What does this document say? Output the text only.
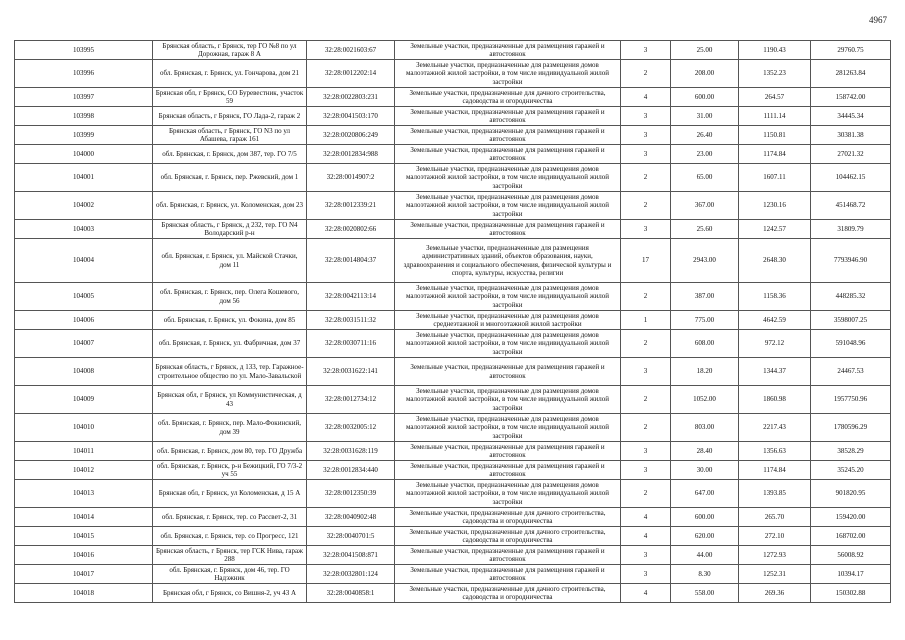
4967
103995	Брянская область, г Брянск, тер ГО №8 по ул Дорожная, гараж 8 А	32:28:0021603:67	Земельные участки, предназначенные для размещения гаражей и автостоянок	3	25.00	1190.43	29760.75
103996	обл. Брянская, г. Брянск, ул. Гончарова, дом 21	32:28:0012202:14	Земельные участки, предназначенные для размещения домов малоэтажной жилой застройки, в том числе индивидуальной жилой застройки	2	208.00	1352.23	281263.84
103997	Брянская обл, г Брянск, СО Буревестник, участок 59	32:28:0022803:231	Земельные участки, предназначенные для дачного строительства, садоводства и огородничества	4	600.00	264.57	158742.00
103998	Брянская область, г Брянск, ГО Лада-2, гараж 2	32:28:0041503:170	Земельные участки, предназначенные для размещения гаражей и автостоянок	3	31.00	1111.14	34445.34
103999	Брянская область, г Брянск, ГО N3 по ул Абашева, гараж 161	32:28:0020806:249	Земельные участки, предназначенные для размещения гаражей и автостоянок	3	26.40	1150.81	30381.38
104000	обл. Брянская, г. Брянск, дом 387, тер. ГО 7/5	32:28:0012834:988	Земельные участки, предназначенные для размещения гаражей и автостоянок	3	23.00	1174.84	27021.32
104001	обл. Брянская, г. Брянск, пер. Ржевский, дом 1	32:28:0014907:2	Земельные участки, предназначенные для размещения домов малоэтажной жилой застройки, в том числе индивидуальной жилой застройки	2	65.00	1607.11	104462.15
104002	обл. Брянская, г. Брянск, ул. Коломенская, дом 23	32:28:0012339:21	Земельные участки, предназначенные для размещения домов малоэтажной жилой застройки, в том числе индивидуальной жилой застройки	2	367.00	1230.16	451468.72
104003	Брянская область, г Брянск, д 232, тер. ГО N4 Володарский р-н	32:28:0020802:66	Земельные участки, предназначенные для размещения гаражей и автостоянок	3	25.60	1242.57	31809.79
104004	обл. Брянская, г. Брянск, ул. Майской Стачки, дом 11	32:28:0014804:37	Земельные участки, предназначенные для размещения административных зданий, объектов образования, науки, здравоохранения и социального обеспечения, физической культуры и спорта, культуры, искусства, религии	17	2943.00	2648.30	7793946.90
104005	обл. Брянская, г. Брянск, пер. Олега Кошевого, дом 56	32:28:0042113:14	Земельные участки, предназначенные для размещения домов малоэтажной жилой застройки, в том числе индивидуальной жилой застройки	2	387.00	1158.36	448285.32
104006	обл. Брянская, г. Брянск, ул. Фокина, дом 85	32:28:0031511:32	Земельные участки, предназначенные для размещения домов среднеэтажной и многоэтажной жилой застройки	1	775.00	4642.59	3598007.25
104007	обл. Брянская, г. Брянск, ул. Фабричная, дом 37	32:28:0030711:16	Земельные участки, предназначенные для размещения домов малоэтажной жилой застройки, в том числе индивидуальной жилой застройки	2	608.00	972.12	591048.96
104008	Брянская область, г Брянск, д 133, тер. Гаражное-строительное общество по ул. Мало-Завальской	32:28:0031622:141	Земельные участки, предназначенные для размещения гаражей и автостоянок	3	18.20	1344.37	24467.53
104009	Брянская обл, г Брянск, ул Коммунистическая, д 43	32:28:0012734:12	Земельные участки, предназначенные для размещения домов малоэтажной жилой застройки, в том числе индивидуальной жилой застройки	2	1052.00	1860.98	1957750.96
104010	обл. Брянская, г. Брянск, пер. Мало-Фокинский, дом 39	32:28:0032005:12	Земельные участки, предназначенные для размещения домов малоэтажной жилой застройки, в том числе индивидуальной жилой застройки	2	803.00	2217.43	1780596.29
104011	обл. Брянская, г. Брянск, дом 80, тер. ГО Дружба	32:28:0031628:119	Земельные участки, предназначенные для размещения гаражей и автостоянок	3	28.40	1356.63	38528.29
104012	обл. Брянская, г. Брянск, р-н Бежицкий, ГО 7/3-2 уч 55	32:28:0012834:440	Земельные участки, предназначенные для размещения гаражей и автостоянок	3	30.00	1174.84	35245.20
104013	Брянская обл, г Брянск, ул Коломенская, д 15 А	32:28:0012350:39	Земельные участки, предназначенные для размещения домов малоэтажной жилой застройки, в том числе индивидуальной жилой застройки	2	647.00	1393.85	901820.95
104014	обл. Брянская, г. Брянск, тер. со Рассвет-2, 31	32:28:0040902:48	Земельные участки, предназначенные для дачного строительства, садоводства и огородничества	4	600.00	265.70	159420.00
104015	обл. Брянская, г. Брянск, тер. со Прогресс, 121	32:28:0040701:5	Земельные участки, предназначенные для дачного строительства, садоводства и огородничества	4	620.00	272.10	168702.00
104016	Брянская область, г Брянск, тер ГСК Нива, гараж 288	32:28:0041508:871	Земельные участки, предназначенные для размещения гаражей и автостоянок	3	44.00	1272.93	56008.92
104017	обл. Брянская, г. Брянск, дом 46, тер. ГО Надэжник	32:28:0032801:124	Земельные участки, предназначенные для размещения гаражей и автостоянок	3	8.30	1252.31	10394.17
104018	Брянская обл, г Брянск, со Вишня-2, уч 43 А	32:28:0040858:1	Земельные участки, предназначенные для дачного строительства, садоводства и огородничества	4	558.00	269.36	150302.88
